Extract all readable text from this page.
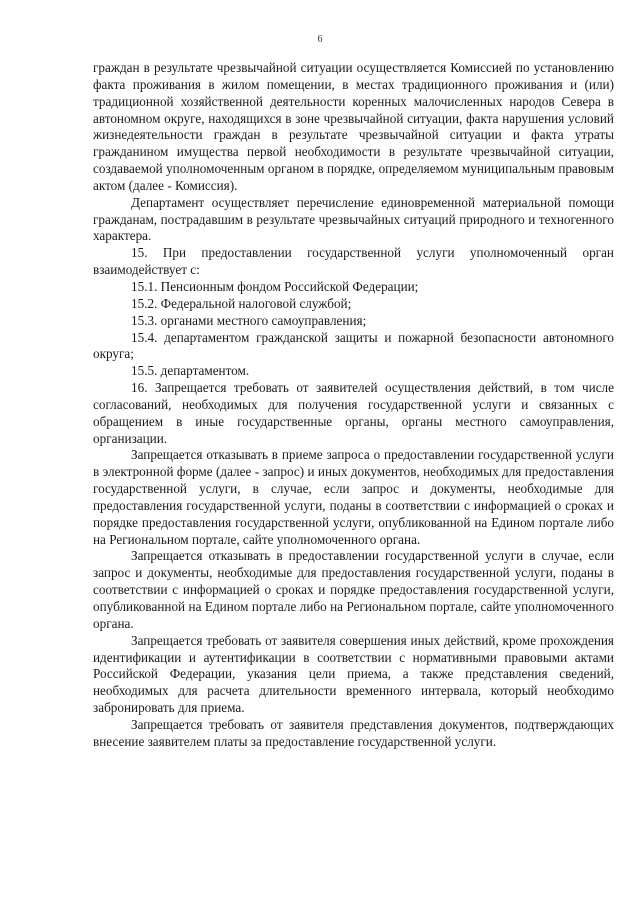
6

граждан в результате чрезвычайной ситуации осуществляется Комиссией по установлению факта проживания в жилом помещении, в местах традиционного проживания и (или) традиционной хозяйственной деятельности коренных малочисленных народов Севера в автономном округе, находящихся в зоне чрезвычайной ситуации, факта нарушения условий жизнедеятельности граждан в результате чрезвычайной ситуации и факта утраты гражданином имущества первой необходимости в результате чрезвычайной ситуации, создаваемой уполномоченным органом в порядке, определяемом муниципальным правовым актом (далее - Комиссия).

Департамент осуществляет перечисление единовременной материальной помощи гражданам, пострадавшим в результате чрезвычайных ситуаций природного и техногенного характера.

15. При предоставлении государственной услуги уполномоченный орган взаимодействует с:

15.1. Пенсионным фондом Российской Федерации;

15.2. Федеральной налоговой службой;

15.3. органами местного самоуправления;

15.4. департаментом гражданской защиты и пожарной безопасности автономного округа;

15.5. департаментом.

16. Запрещается требовать от заявителей осуществления действий, в том числе согласований, необходимых для получения государственной услуги и связанных с обращением в иные государственные органы, органы местного самоуправления, организации.

Запрещается отказывать в приеме запроса о предоставлении государственной услуги в электронной форме (далее - запрос) и иных документов, необходимых для предоставления государственной услуги, в случае, если запрос и документы, необходимые для предоставления государственной услуги, поданы в соответствии с информацией о сроках и порядке предоставления государственной услуги, опубликованной на Едином портале либо на Региональном портале, сайте уполномоченного органа.

Запрещается отказывать в предоставлении государственной услуги в случае, если запрос и документы, необходимые для предоставления государственной услуги, поданы в соответствии с информацией о сроках и порядке предоставления государственной услуги, опубликованной на Едином портале либо на Региональном портале, сайте уполномоченного органа.

Запрещается требовать от заявителя совершения иных действий, кроме прохождения идентификации и аутентификации в соответствии с нормативными правовыми актами Российской Федерации, указания цели приема, а также представления сведений, необходимых для расчета длительности временного интервала, который необходимо забронировать для приема.

Запрещается требовать от заявителя представления документов, подтверждающих внесение заявителем платы за предоставление государственной услуги.
